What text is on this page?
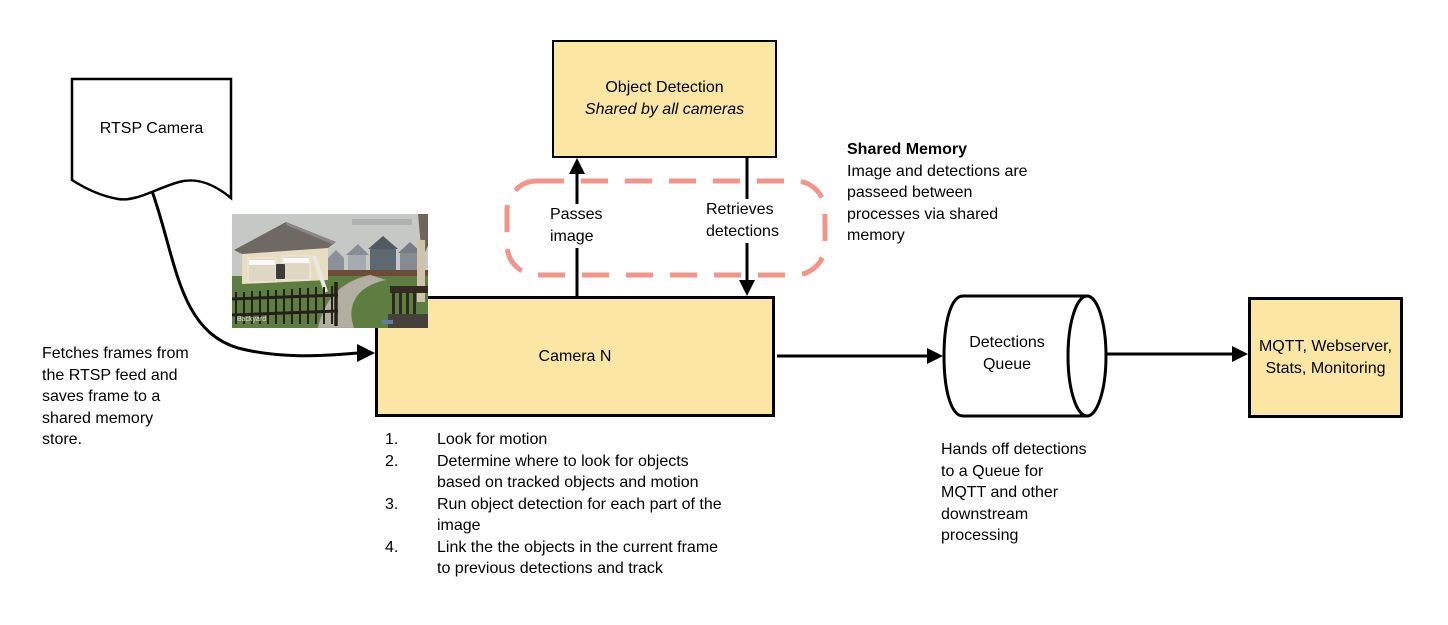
RTSP Camera
Fetches frames from
the RTSP feed and
saves frame to a
shared memory
store.
Object Detection
Shared by all cameras
Shared Memory
Image and detections are
passeed between
processes via shared
memory
Passes
image
Retrieves
detections
Camera N
Backyard
Look for motion
Determine where to look for objects
based on tracked objects and motion
Run object detection for each part of the
image
Link the the objects in the current frame
to previous detections and track
Detections Queue
Hands off detections
to a Queue for
MQTT and other
downstream
processing
MQTT, Webserver, Stats, Monitoring
